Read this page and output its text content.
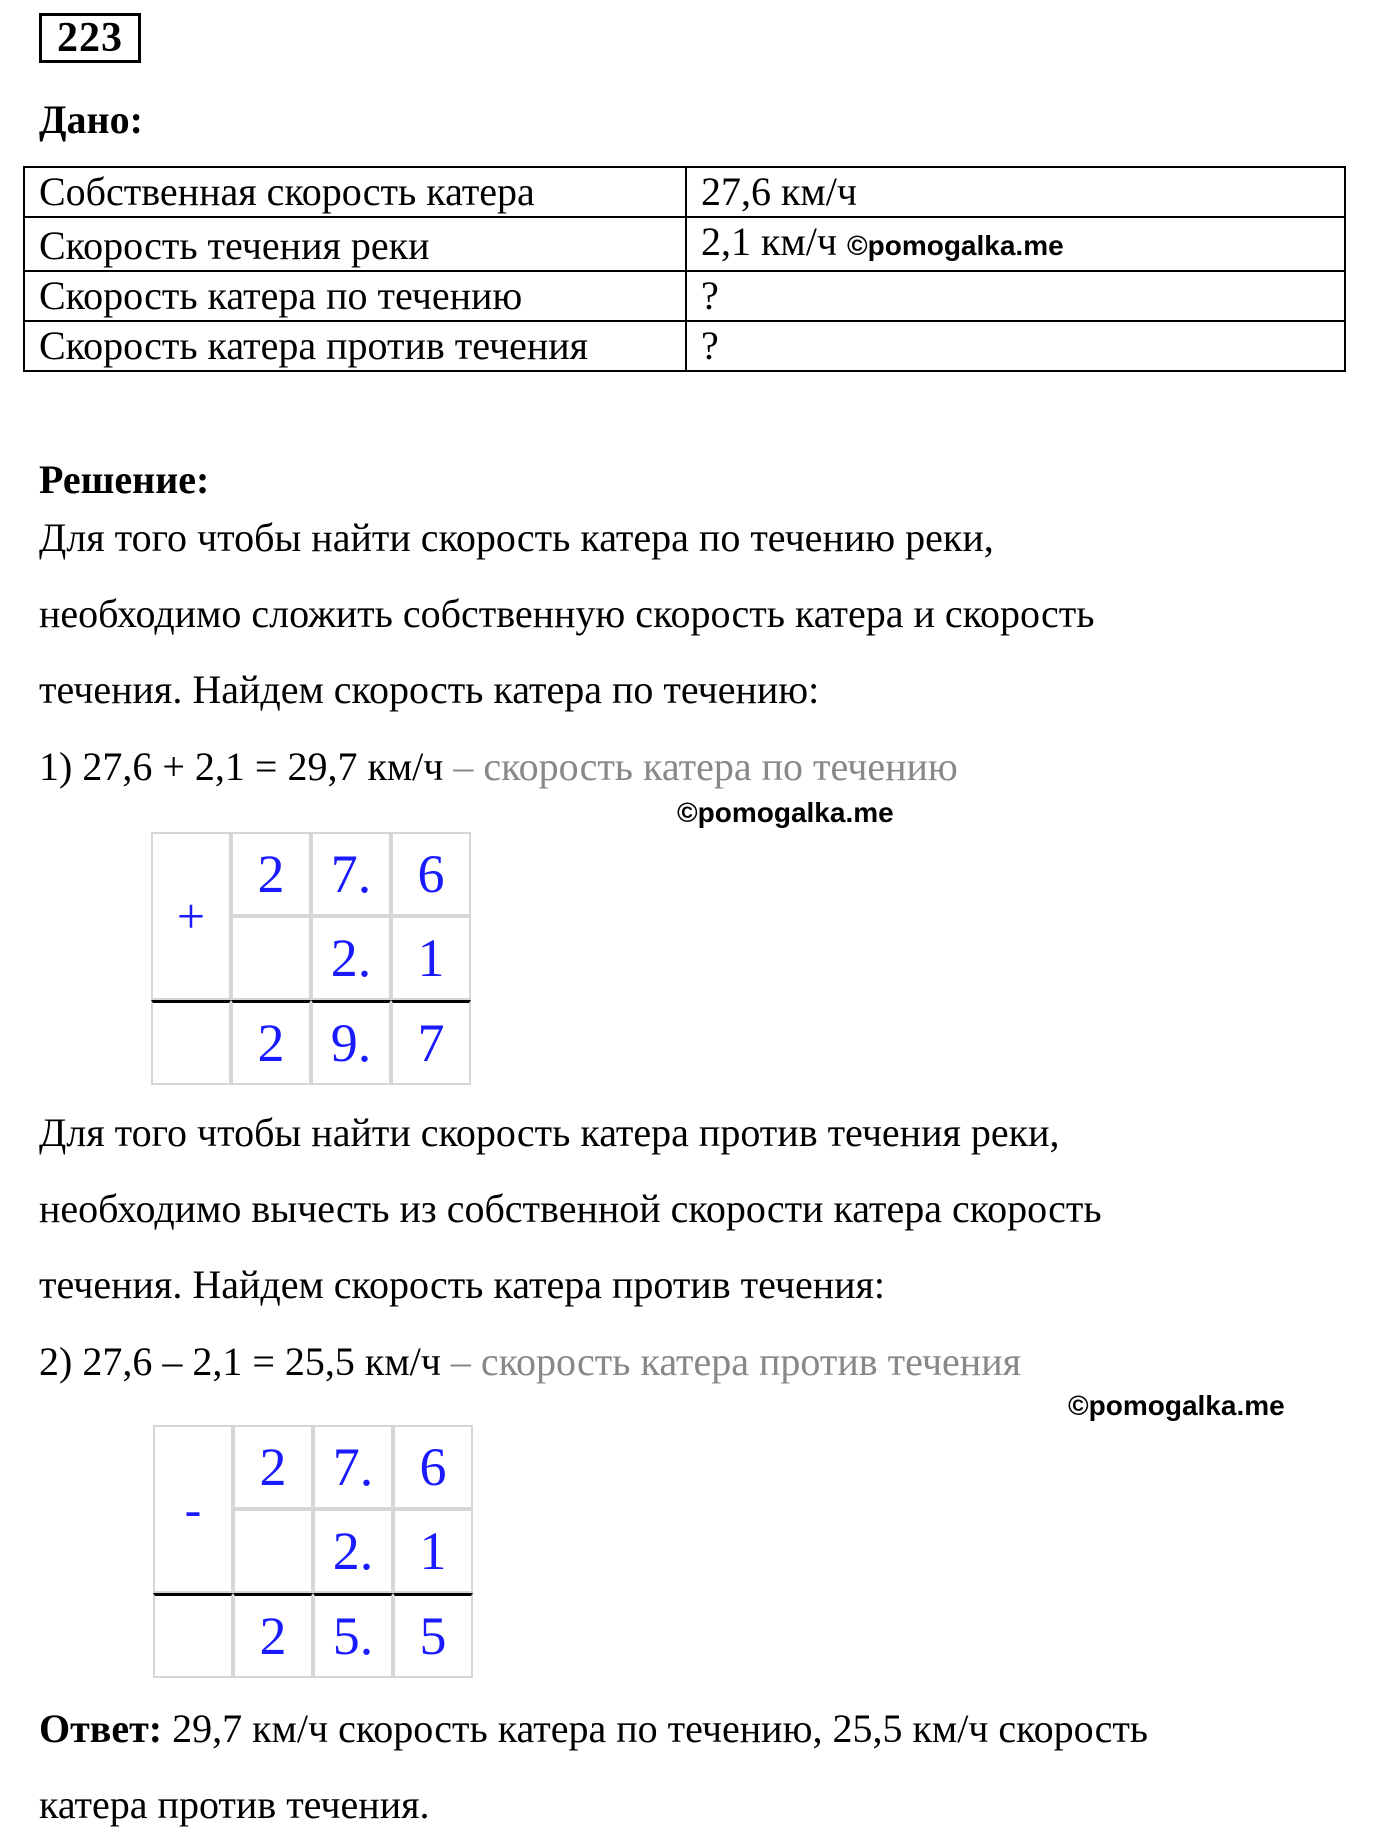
223
Дано:
Собственная скорость катера	27,6 км/ч
Скорость течения реки	2,1 км/ч ©pomogalka.me
Скорость катера по течению	?
Скорость катера против течения	?
Решение:
Для того чтобы найти скорость катера по течению реки,
необходимо сложить собственную скорость катера и скорость
течения. Найдем скорость катера по течению:
1) 27,6 + 2,1 = 29,7 км/ч – скорость катера по течению
©pomogalka.me
+	2	7.	6
		2.	1
	2	9.	7
Для того чтобы найти скорость катера против течения реки,
необходимо вычесть из собственной скорости катера скорость
течения. Найдем скорость катера против течения:
2) 27,6 – 2,1 = 25,5 км/ч – скорость катера против течения
©pomogalka.me
-	2	7.	6
		2.	1
	2	5.	5
Ответ: 29,7 км/ч скорость катера по течению, 25,5 км/ч скорость
катера против течения.
